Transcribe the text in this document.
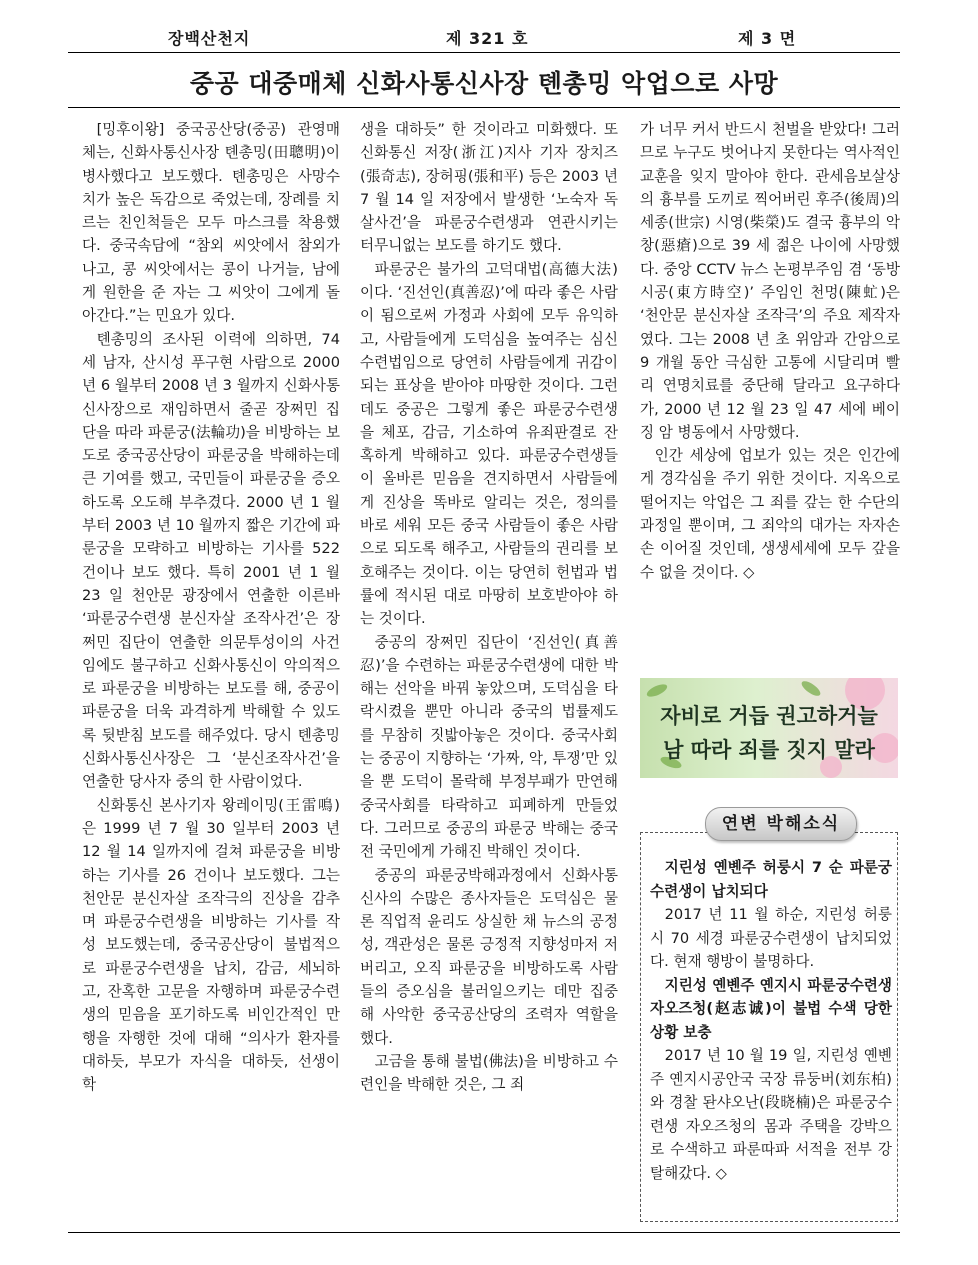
장백산천지	제 321 호	제 3 면
중공 대중매체 신화사통신사장 톈총밍 악업으로 사망

[밍후이왕] 중국공산당(중공) 관영매체는, 신화사통신사장 톈총밍(田聰明)이 병사했다고 보도했다. 톈총밍은 사망수치가 높은 독감으로 죽었는데, 장례를 치르는 친인척들은 모두 마스크를 착용했다. 중국속담에 “참외 씨앗에서 참외가 나고, 콩 씨앗에서는 콩이 나거늘, 남에게 원한을 준 자는 그 씨앗이 그에게 돌아간다.”는 민요가 있다.

톈총밍의 조사된 이력에 의하면, 74 세 남자, 산시성 푸구현 사람으로 2000 년 6 월부터 2008 년 3 월까지 신화사통신사장으로 재임하면서 줄곧 장쩌민 집단을 따라 파룬궁(法輪功)을 비방하는 보도로 중국공산당이 파룬궁을 박해하는데 큰 기여를 했고, 국민들이 파룬궁을 증오하도록 오도해 부추겼다. 2000 년 1 월부터 2003 년 10 월까지 짧은 기간에 파룬궁을 모략하고 비방하는 기사를 522 건이나 보도 했다. 특히 2001 년 1 월 23 일 천안문 광장에서 연출한 이른바 ‘파룬궁수련생 분신자살 조작사건’은 장쩌민 집단이 연출한 의문투성이의 사건임에도 불구하고 신화사통신이 악의적으로 파룬궁을 비방하는 보도를 해, 중공이 파룬궁을 더욱 과격하게 박해할 수 있도록 뒷받침 보도를 해주었다. 당시 톈총밍 신화사통신사장은 그 ‘분신조작사건’을 연출한 당사자 중의 한 사람이었다.

신화통신 본사기자 왕레이밍(王雷鳴)은 1999 년 7 월 30 일부터 2003 년 12 월 14 일까지에 걸쳐 파룬궁을 비방하는 기사를 26 건이나 보도했다. 그는 천안문 분신자살 조작극의 진상을 감추며 파룬궁수련생을 비방하는 기사를 작성 보도했는데, 중국공산당이 불법적으로 파룬궁수련생을 납치, 감금, 세뇌하고, 잔혹한 고문을 자행하며 파룬궁수련생의 믿음을 포기하도록 비인간적인 만행을 자행한 것에 대해 “의사가 환자를 대하듯, 부모가 자식을 대하듯, 선생이 학

생을 대하듯” 한 것이라고 미화했다. 또 신화통신 저장(浙江)지사 기자 장치즈(張奇志), 장허핑(張和平) 등은 2003 년 7 월 14 일 저장에서 발생한 ‘노숙자 독살사건’을 파룬궁수련생과 연관시키는 터무니없는 보도를 하기도 했다.

파룬궁은 불가의 고덕대법(高德大法)이다. ‘진선인(真善忍)’에 따라 좋은 사람이 됨으로써 가정과 사회에 모두 유익하고, 사람들에게 도덕심을 높여주는 심신수련법임으로 당연히 사람들에게 귀감이 되는 표상을 받아야 마땅한 것이다. 그런데도 중공은 그렇게 좋은 파룬궁수련생을 체포, 감금, 기소하여 유죄판결로 잔혹하게 박해하고 있다. 파룬궁수련생들이 올바른 믿음을 견지하면서 사람들에게 진상을 똑바로 알리는 것은, 정의를 바로 세워 모든 중국 사람들이 좋은 사람으로 되도록 해주고, 사람들의 권리를 보호해주는 것이다. 이는 당연히 헌법과 법률에 적시된 대로 마땅히 보호받아야 하는 것이다.

중공의 장쩌민 집단이 ‘진선인(真善忍)’을 수련하는 파룬궁수련생에 대한 박해는 선악을 바꿔 놓았으며, 도덕심을 타락시켰을 뿐만 아니라 중국의 법률제도를 무참히 짓밟아놓은 것이다. 중국사회는 중공이 지향하는 ‘가짜, 악, 투쟁’만 있을 뿐 도덕이 몰락해 부정부패가 만연해 중국사회를 타락하고 피폐하게 만들었다. 그러므로 중공의 파룬궁 박해는 중국 전 국민에게 가해진 박해인 것이다.

중공의 파룬궁박해과정에서 신화사통신사의 수많은 종사자들은 도덕심은 물론 직업적 윤리도 상실한 채 뉴스의 공정성, 객관성은 물론 긍정적 지향성마저 저버리고, 오직 파룬궁을 비방하도록 사람들의 증오심을 불러일으키는 데만 집중해 사악한 중국공산당의 조력자 역할을 했다.

고금을 통해 불법(佛法)을 비방하고 수련인을 박해한 것은, 그 죄

가 너무 커서 반드시 천벌을 받았다! 그러므로 누구도 벗어나지 못한다는 역사적인 교훈을 잊지 말아야 한다. 관세음보살상의 흉부를 도끼로 찍어버린 후주(後周)의 세종(世宗) 시영(柴榮)도 결국 흉부의 악창(惡瘡)으로 39 세 젊은 나이에 사망했다. 중앙 CCTV 뉴스 논평부주임 겸 ‘동방시공(東方時空)’ 주임인 천멍(陳虻)은 ‘천안문 분신자살 조작극’의 주요 제작자였다. 그는 2008 년 초 위암과 간암으로 9 개월 동안 극심한 고통에 시달리며 빨리 연명치료를 중단해 달라고 요구하다가, 2000 년 12 월 23 일 47 세에 베이징 암 병동에서 사망했다.

인간 세상에 업보가 있는 것은 인간에게 경각심을 주기 위한 것이다. 지옥으로 떨어지는 악업은 그 죄를 갚는 한 수단의 과정일 뿐이며, 그 죄악의 대가는 자자손손 이어질 것인데, 생생세세에 모두 갚을 수 없을 것이다. ◇

자비로 거듭 권고하거늘
남 따라 죄를 짓지 말라
연변 박해소식

지린성 옌볜주 허룽시 7 순 파룬궁수련생이 납치되다

2017 년 11 월 하순, 지린성 허룽시 70 세경 파룬궁수련생이 납치되었다. 현재 행방이 불명하다.

지린성 옌볜주 옌지시 파룬궁수련생 자오즈청(赵志诚)이 불법 수색 당한 상황 보충

2017 년 10 월 19 일, 지린성 옌볜주 옌지시공안국 국장 류둥버(刘东柏)와 경찰 돤샤오난(段晓楠)은 파룬궁수련생 자오즈청의 몸과 주택을 강박으로 수색하고 파룬따파 서적을 전부 강탈해갔다. ◇
